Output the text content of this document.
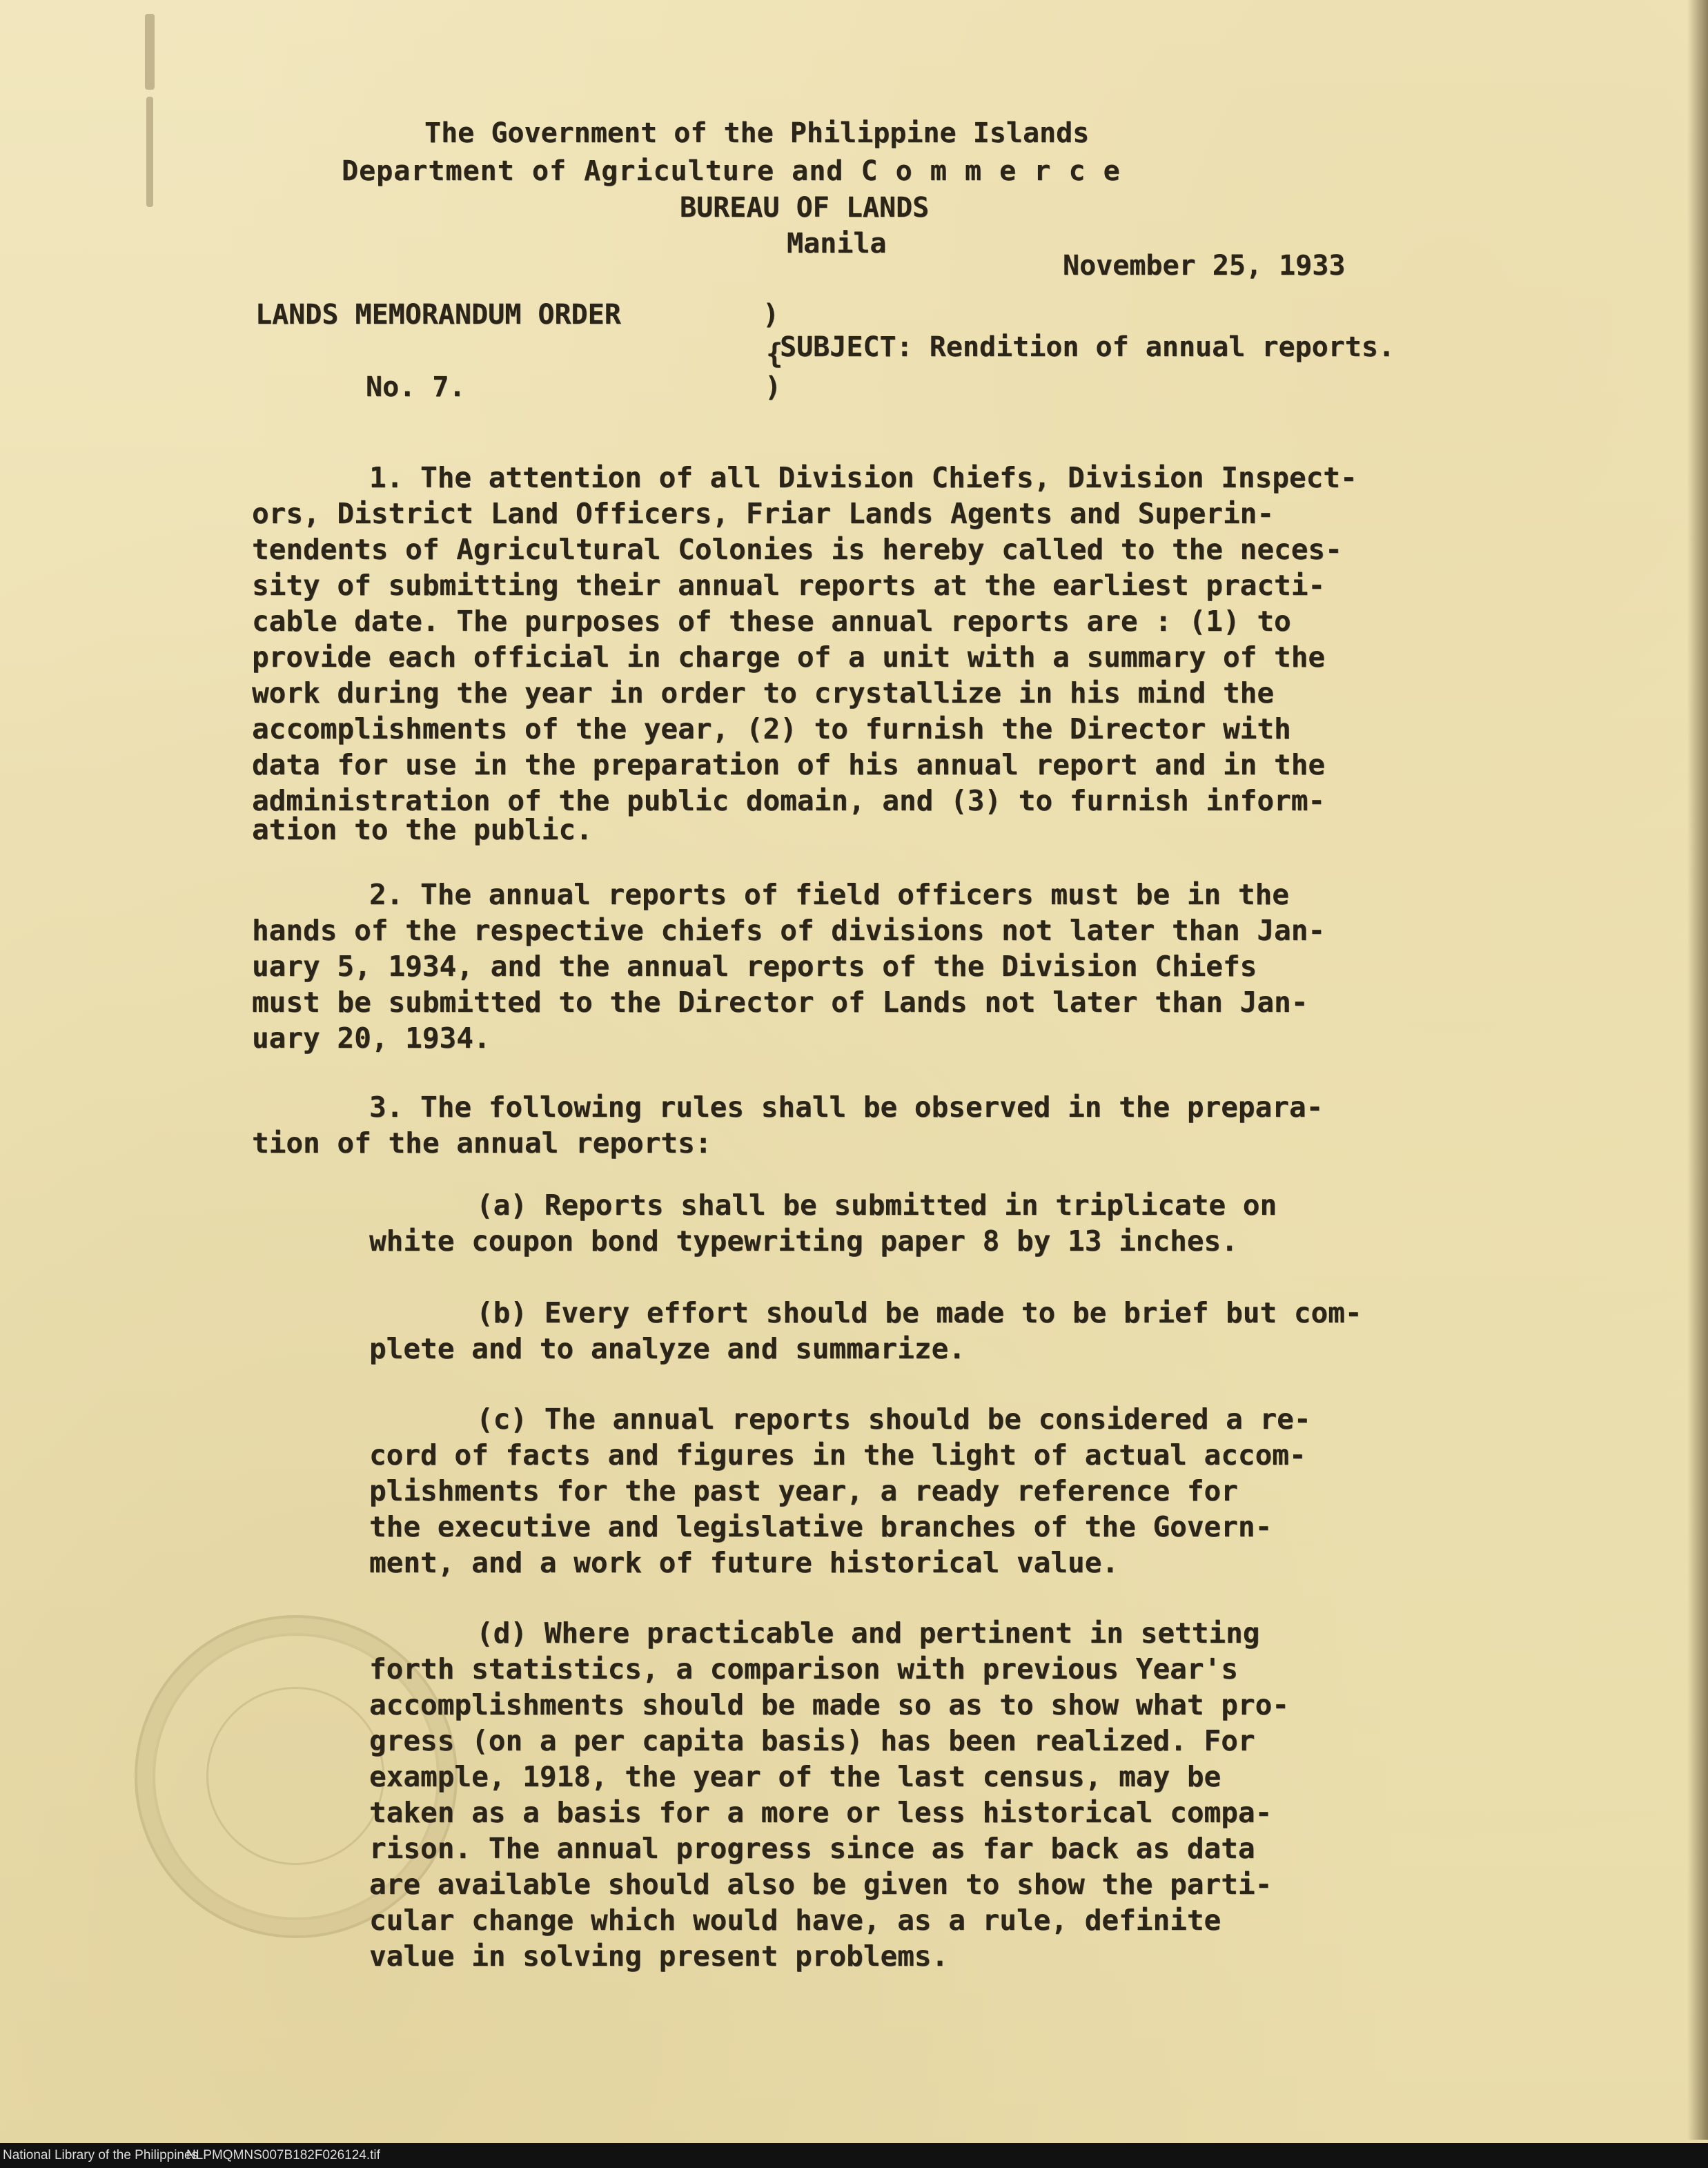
The Government of the Philippine Islands
Department of Agriculture and C o m m e r c e
BUREAU OF LANDS
Manila
November 25, 1933
LANDS MEMORANDUM ORDER	)
SUBJECT: Rendition of annual reports.
{
No. 7.	)
1. The attention of all Division Chiefs, Division Inspect-
ors, District Land Officers, Friar Lands Agents and Superin-
tendents of Agricultural Colonies is hereby called to the neces-
sity of submitting their annual reports at the earliest practi-
cable date. The purposes of these annual reports are : (1) to
provide each official in charge of a unit with a summary of the
work during the year in order to crystallize in his mind the
accomplishments of the year, (2) to furnish the Director with
data for use in the preparation of his annual report and in the
administration of the public domain, and (3) to furnish inform-
ation to the public.
2. The annual reports of field officers must be in the
hands of the respective chiefs of divisions not later than Jan-
uary 5, 1934, and the annual reports of the Division Chiefs
must be submitted to the Director of Lands not later than Jan-
uary 20, 1934.
3. The following rules shall be observed in the prepara-
tion of the annual reports:
(a) Reports shall be submitted in triplicate on
white coupon bond typewriting paper 8 by 13 inches.
(b) Every effort should be made to be brief but com-
plete and to analyze and summarize.
(c) The annual reports should be considered a re-
cord of facts and figures in the light of actual accom-
plishments for the past year, a ready reference for
the executive and legislative branches of the Govern-
ment, and a work of future historical value.
(d) Where practicable and pertinent in setting
forth statistics, a comparison with previous Year's
accomplishments should be made so as to show what pro-
gress (on a per capita basis) has been realized. For
example, 1918, the year of the last census, may be
taken as a basis for a more or less historical compa-
rison. The annual progress since as far back as data
are available should also be given to show the parti-
cular change which would have, as a rule, definite
value in solving present problems.
National Library of the Philippines
NLPMQMNS007B182F026124.tif
